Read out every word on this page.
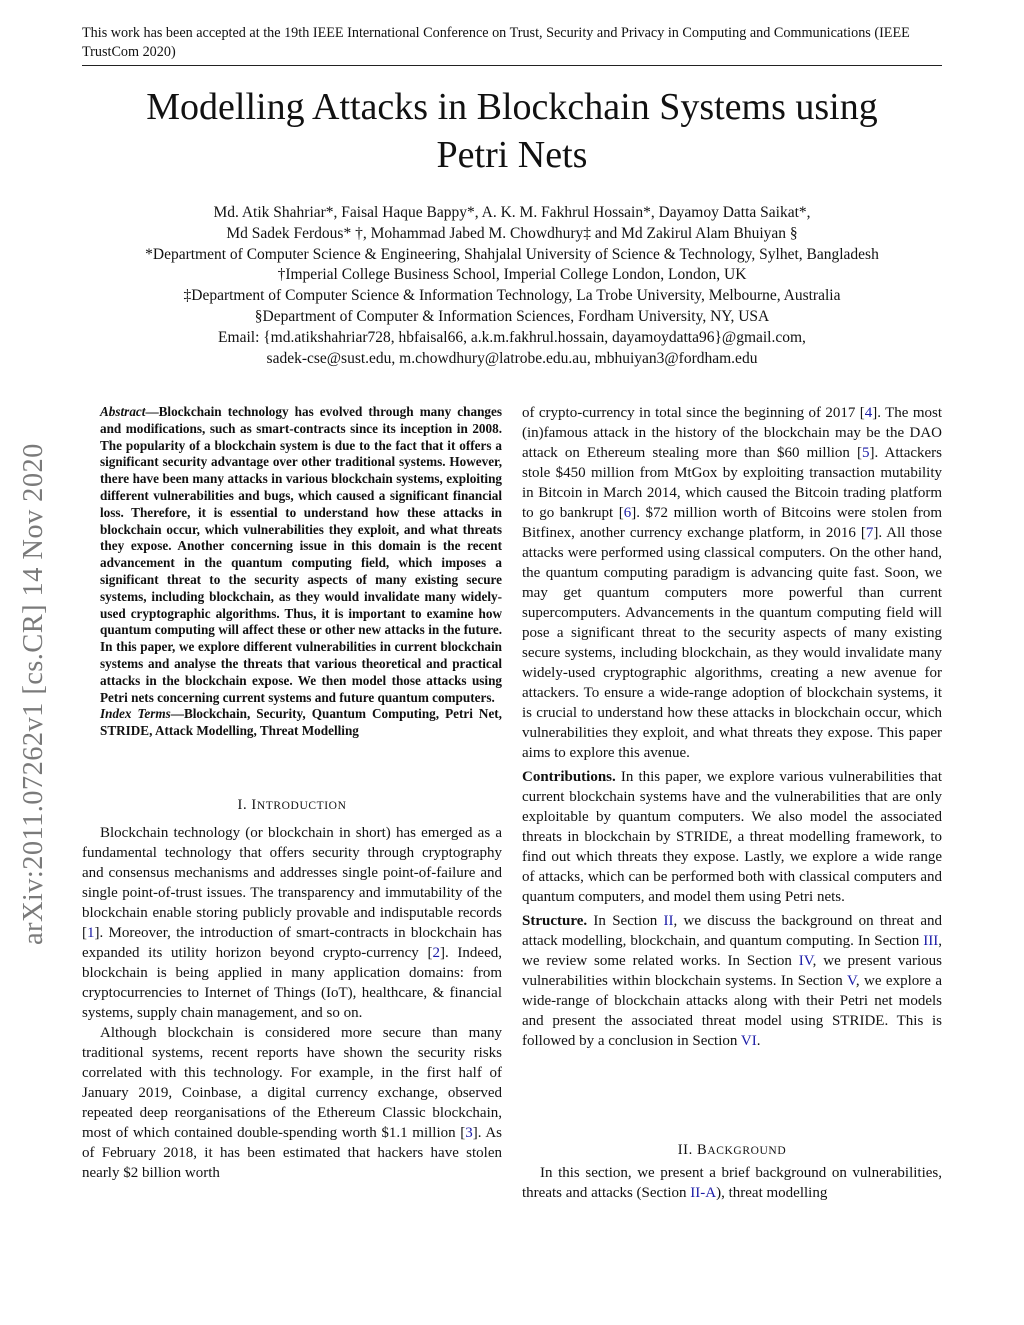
This work has been accepted at the 19th IEEE International Conference on Trust, Security and Privacy in Computing and Communications (IEEE TrustCom 2020)
Modelling Attacks in Blockchain Systems using
Petri Nets
Md. Atik Shahriar*, Faisal Haque Bappy*, A. K. M. Fakhrul Hossain*, Dayamoy Datta Saikat*,
Md Sadek Ferdous* †, Mohammad Jabed M. Chowdhury‡ and Md Zakirul Alam Bhuiyan §
*Department of Computer Science & Engineering, Shahjalal University of Science & Technology, Sylhet, Bangladesh
†Imperial College Business School, Imperial College London, London, UK
‡Department of Computer Science & Information Technology, La Trobe University, Melbourne, Australia
§Department of Computer & Information Sciences, Fordham University, NY, USA
Email: {md.atikshahriar728, hbfaisal66, a.k.m.fakhrul.hossain, dayamoydatta96}@gmail.com,
sadek-cse@sust.edu, m.chowdhury@latrobe.edu.au, mbhuiyan3@fordham.edu
arXiv:2011.07262v1 [cs.CR] 14 Nov 2020

Abstract—Blockchain technology has evolved through many changes and modifications, such as smart-contracts since its inception in 2008. The popularity of a blockchain system is due to the fact that it offers a significant security advantage over other traditional systems. However, there have been many attacks in various blockchain systems, exploiting different vulnerabilities and bugs, which caused a significant financial loss. Therefore, it is essential to understand how these attacks in blockchain occur, which vulnerabilities they exploit, and what threats they expose. Another concerning issue in this domain is the recent advancement in the quantum computing field, which imposes a significant threat to the security aspects of many existing secure systems, including blockchain, as they would invalidate many widely-used cryptographic algorithms. Thus, it is important to examine how quantum computing will affect these or other new attacks in the future. In this paper, we explore different vulnerabilities in current blockchain systems and analyse the threats that various theoretical and practical attacks in the blockchain expose. We then model those attacks using Petri nets concerning current systems and future quantum computers.

Index Terms—Blockchain, Security, Quantum Computing, Petri Net, STRIDE, Attack Modelling, Threat Modelling

I. INTRODUCTION

Blockchain technology (or blockchain in short) has emerged as a fundamental technology that offers security through cryptography and consensus mechanisms and addresses single point-of-failure and single point-of-trust issues. The transparency and immutability of the blockchain enable storing publicly provable and indisputable records [1]. Moreover, the introduction of smart-contracts in blockchain has expanded its utility horizon beyond crypto-currency [2]. Indeed, blockchain is being applied in many application domains: from cryptocurrencies to Internet of Things (IoT), healthcare, & financial systems, supply chain management, and so on.

Although blockchain is considered more secure than many traditional systems, recent reports have shown the security risks correlated with this technology. For example, in the first half of January 2019, Coinbase, a digital currency exchange, observed repeated deep reorganisations of the Ethereum Classic blockchain, most of which contained double-spending worth $1.1 million [3]. As of February 2018, it has been estimated that hackers have stolen nearly $2 billion worth

of crypto-currency in total since the beginning of 2017 [4]. The most (in)famous attack in the history of the blockchain may be the DAO attack on Ethereum stealing more than $60 million [5]. Attackers stole $450 million from MtGox by exploiting transaction mutability in Bitcoin in March 2014, which caused the Bitcoin trading platform to go bankrupt [6]. $72 million worth of Bitcoins were stolen from Bitfinex, another currency exchange platform, in 2016 [7]. All those attacks were performed using classical computers. On the other hand, the quantum computing paradigm is advancing quite fast. Soon, we may get quantum computers more powerful than current supercomputers. Advancements in the quantum computing field will pose a significant threat to the security aspects of many existing secure systems, including blockchain, as they would invalidate many widely-used cryptographic algorithms, creating a new avenue for attackers. To ensure a wide-range adoption of blockchain systems, it is crucial to understand how these attacks in blockchain occur, which vulnerabilities they exploit, and what threats they expose. This paper aims to explore this avenue.

Contributions. In this paper, we explore various vulnerabilities that current blockchain systems have and the vulnerabilities that are only exploitable by quantum computers. We also model the associated threats in blockchain by STRIDE, a threat modelling framework, to find out which threats they expose. Lastly, we explore a wide range of attacks, which can be performed both with classical computers and quantum computers, and model them using Petri nets.

Structure. In Section II, we discuss the background on threat and attack modelling, blockchain, and quantum computing. In Section III, we review some related works. In Section IV, we present various vulnerabilities within blockchain systems. In Section V, we explore a wide-range of blockchain attacks along with their Petri net models and present the associated threat model using STRIDE. This is followed by a conclusion in Section VI.

II. BACKGROUND

In this section, we present a brief background on vulnerabilities, threats and attacks (Section II-A), threat modelling
